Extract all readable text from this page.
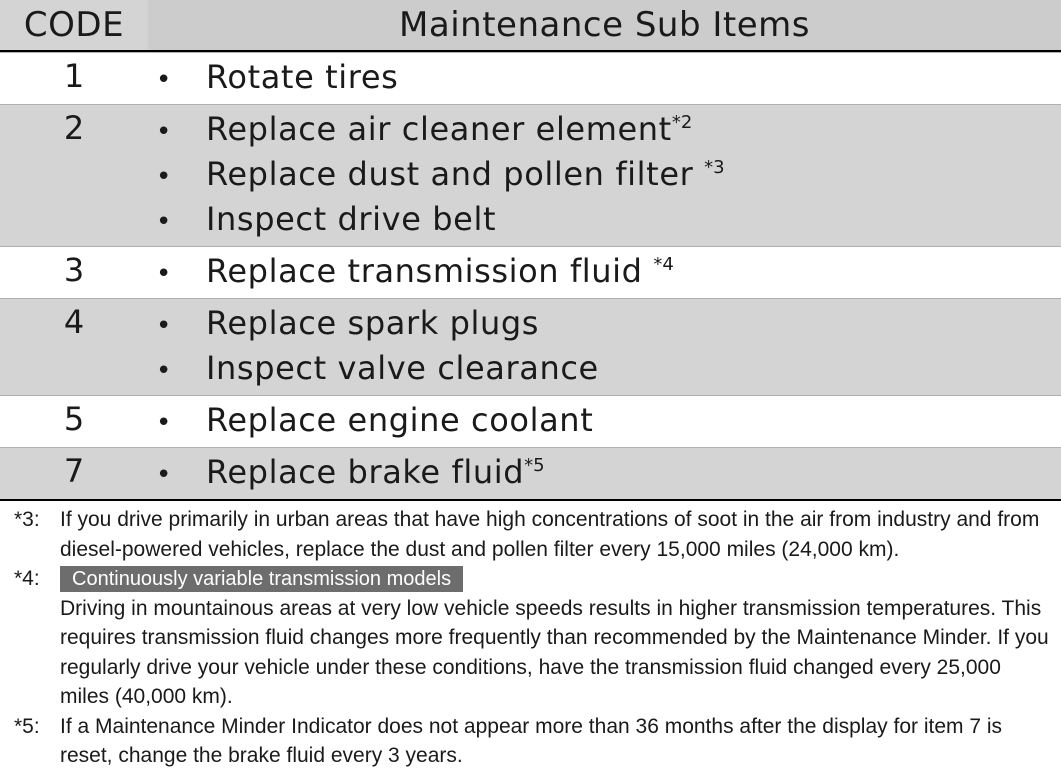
CODE	Maintenance Sub Items
1	•	Rotate tires
2	•	Replace air cleaner element$^{*2}$
•	Replace dust and pollen filter $^{*3}$
•	Inspect drive belt
3	•	Replace transmission fluid $^{*4}$
4	•	Replace spark plugs
•	Inspect valve clearance
5	•	Replace engine coolant
7	•	Replace brake fluid$^{*5}$
*3: If you drive primarily in urban areas that have high concentrations of soot in the air from industry and from diesel-powered vehicles, replace the dust and pollen filter every 15,000 miles (24,000 km).
*4:	Continuously variable transmission models
Driving in mountainous areas at very low vehicle speeds results in higher transmission temperatures. This requires transmission fluid changes more frequently than recommended by the Maintenance Minder. If you regularly drive your vehicle under these conditions, have the transmission fluid changed every 25,000 miles (40,000 km).
*5: If a Maintenance Minder Indicator does not appear more than 36 months after the display for item 7 is reset, change the brake fluid every 3 years.
